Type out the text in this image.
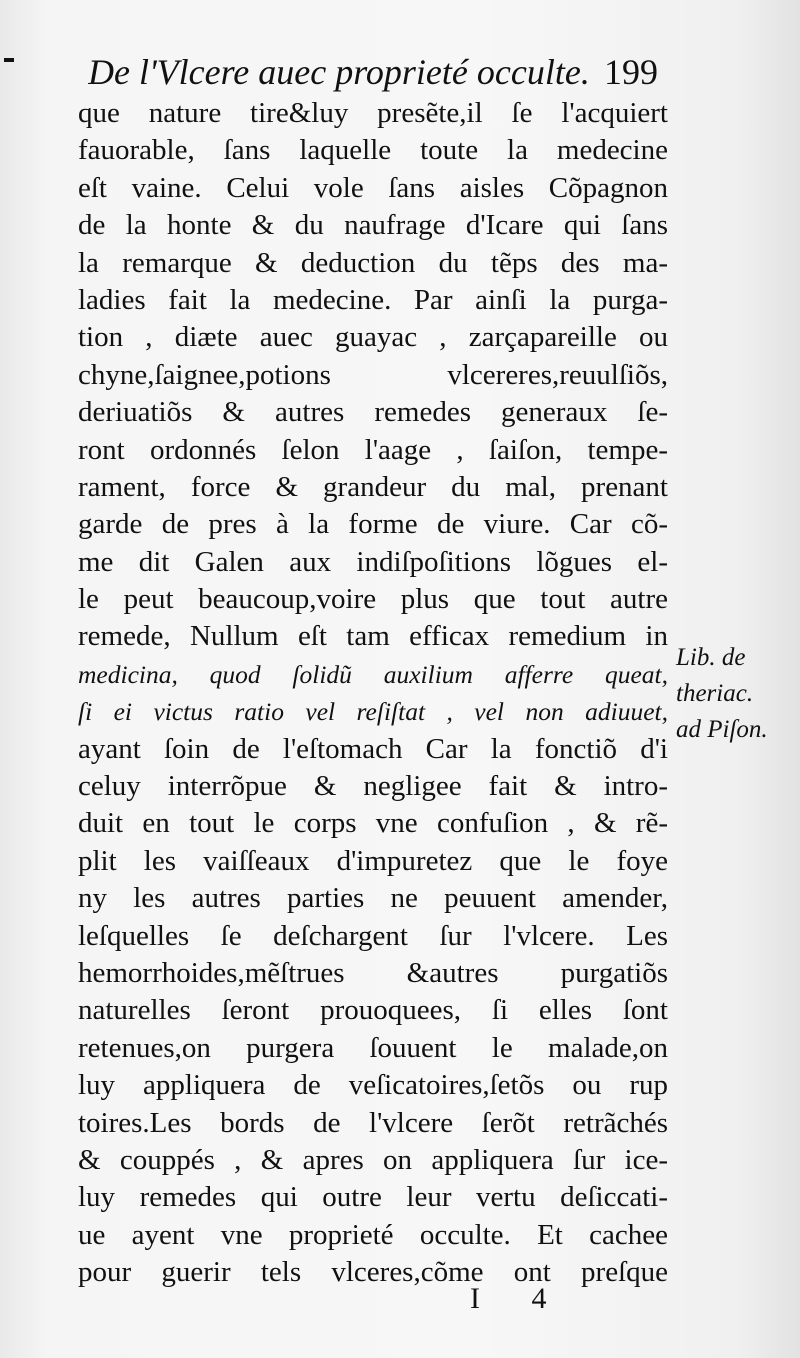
De l'Vlcere auec proprieté occulte. 199
que nature tire&luy presẽte,il ſe l'acquiert
fauorable, ſans laquelle toute la medecine
eſt vaine. Celui vole ſans aisles Cõpagnon
de la honte & du naufrage d'Icare qui ſans
la remarque & deduction du tẽps des ma-
ladies fait la medecine. Par ainſi la purga-
tion , diæte auec guayac , zarçapareille ou
chyne,ſaignee,potions vlcereres,reuulſiõs,
deriuatiõs & autres remedes generaux ſe-
ront ordonnés ſelon l'aage , ſaiſon, tempe-
rament, force & grandeur du mal, prenant
garde de pres à la forme de viure. Car cõ-
me dit Galen aux indiſpoſitions lõgues el-
le peut beaucoup,voire plus que tout autre
remede, Nullum eſt tam efficax remedium in
medicina, quod ſolidũ auxilium afferre queat,
ſi ei victus ratio vel reſiſtat , vel non adiuuet,
ayant ſoin de l'eſtomach Car la fonctiõ d'i
celuy interrõpue & negligee fait & intro-
duit en tout le corps vne confuſion , & rẽ-
plit les vaiſſeaux d'impuretez que le foye
ny les autres parties ne peuuent amender,
leſquelles ſe deſchargent ſur l'vlcere. Les
hemorrhoides,mẽſtrues &autres purgatiõs
naturelles ſeront prouoquees, ſi elles ſont
retenues,on purgera ſouuent le malade,on
luy appliquera de veſicatoires,ſetõs ou rup
toires.Les bords de l'vlcere ſerõt retrãchés
& couppés , & apres on appliquera ſur ice-
luy remedes qui outre leur vertu deſiccati-
ue ayent vne proprieté occulte. Et cachee
pour guerir tels vlceres,cõme ont preſque
Lib. de
theriac.
ad Piſon.
I 4
